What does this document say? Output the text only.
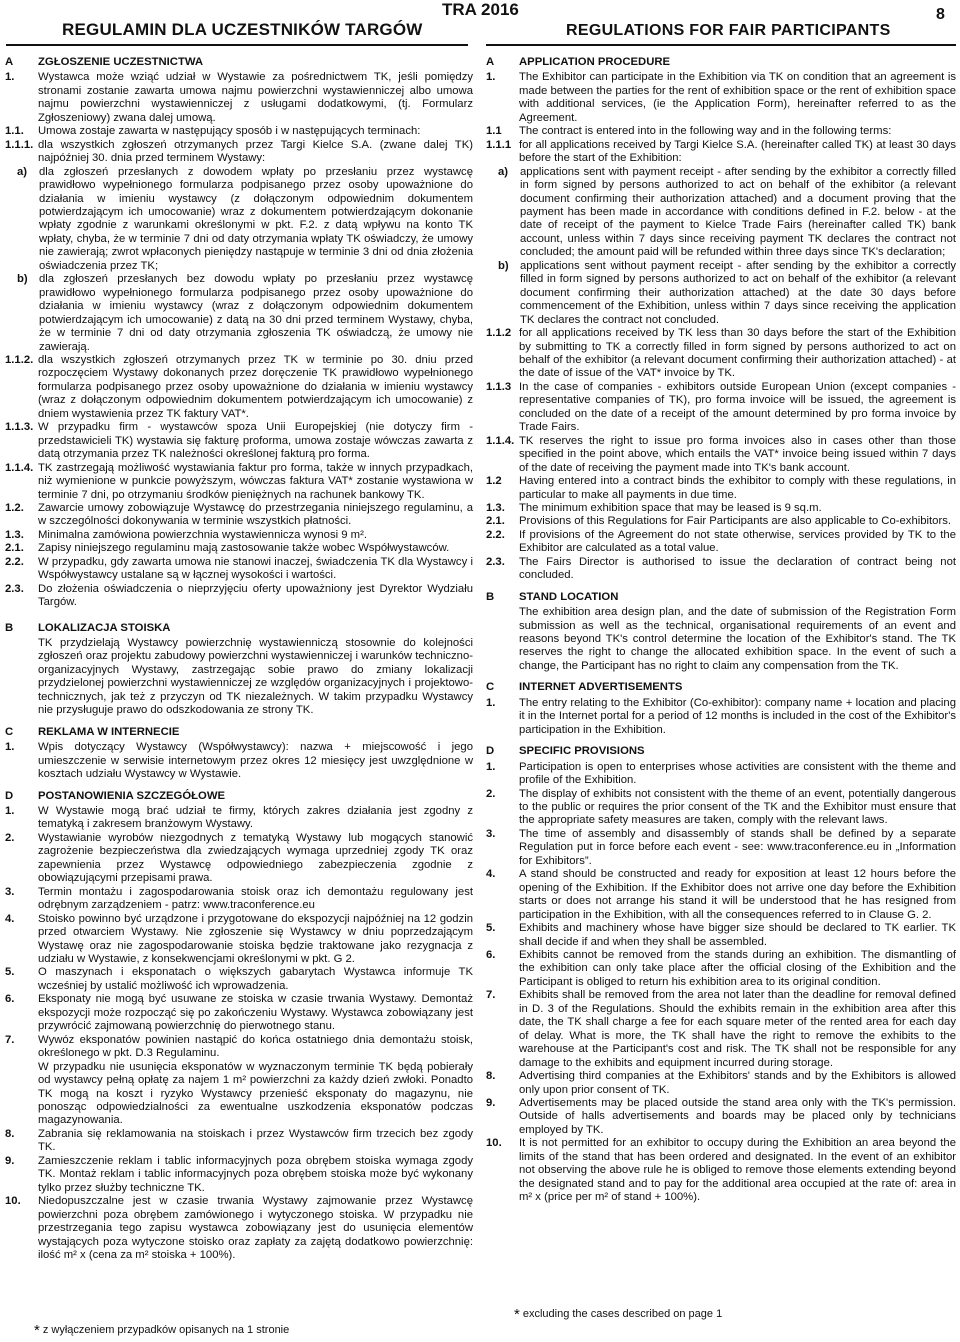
REGULAMIN DLA UCZESTNIKÓW TARGÓW
TRA 2016
REGULATIONS FOR FAIR PARTICIPANTS
8
A ZGŁOSZENIE UCZESTNICTWA
1. Wystawca może wziąć udział w Wystawie za pośrednictwem TK, jeśli pomiędzy stronami zostanie zawarta umowa najmu powierzchni wystawienniczej albo umowa najmu powierzchni wystawienniczej z usługami dodatkowymi, (tj. Formularz Zgłoszeniowy) zwana dalej umową.
1.1. Umowa zostaje zawarta w następujący sposób i w następujących terminach:
1.1.1. dla wszystkich zgłoszeń otrzymanych przez Targi Kielce S.A. (zwane dalej TK) najpóźniej 30. dnia przed terminem Wystawy:
a) dla zgłoszeń przesłanych z dowodem wpłaty po przesłaniu przez wystawcę prawidłowo wypełnionego formularza podpisanego przez osoby upoważnione do działania w imieniu wystawcy (z dołączonym odpowiednim dokumentem potwierdzającym ich umocowanie) wraz z dokumentem potwierdzającym dokonanie wpłaty zgodnie z warunkami określonymi w pkt. F.2. z datą wpływu na konto TK wpłaty, chyba, że w terminie 7 dni od daty otrzymania wpłaty TK oświadczy, że umowy nie zawierają; zwrot wpłaconych pieniędzy nastąpuje w terminie 3 dni od dnia złożenia oświadczenia przez TK;
b) dla zgłoszeń przesłanych bez dowodu wpłaty po przesłaniu przez wystawcę prawidłowo wypełnionego formularza podpisanego przez osoby upoważnione do działania w imieniu wystawcy (wraz z dołączonym odpowiednim dokumentem potwierdzającym ich umocowanie) z datą na 30 dni przed terminem Wystawy, chyba, że w terminie 7 dni od daty otrzymania zgłoszenia TK oświadczą, że umowy nie zawierają.
1.1.2. dla wszystkich zgłoszeń otrzymanych przez TK w terminie po 30. dniu przed rozpoczęciem Wystawy dokonanych przez doręczenie TK prawidłowo wypełnionego formularza podpisanego przez osoby upoważnione do działania w imieniu wystawcy (wraz z dołączonym odpowiednim dokumentem potwierdzającym ich umocowanie) z dniem wystawienia przez TK faktury VAT*.
1.1.3. W przypadku firm - wystawców spoza Unii Europejskiej (nie dotyczy firm - przedstawicieli TK) wystawia się fakturę proforma, umowa zostaje wówczas zawarta z datą otrzymania przez TK należności określonej fakturą pro forma.
1.1.4. TK zastrzegają możliwość wystawiania faktur pro forma, także w innych przypadkach, niż wymienione w punkcie powyższym, wówczas faktura VAT* zostanie wystawiona w terminie 7 dni, po otrzymaniu środków pieniężnych na rachunek bankowy TK.
1.2. Zawarcie umowy zobowiązuje Wystawcę do przestrzegania niniejszego regulaminu, a w szczególności dokonywania w terminie wszystkich płatności.
1.3. Minimalna zamówiona powierzchnia wystawiennicza wynosi 9 m².
2.1. Zapisy niniejszego regulaminu mają zastosowanie także wobec Współwystawców.
2.2. W przypadku, gdy zawarta umowa nie stanowi inaczej, świadczenia TK dla Wystawcy i Współwystawcy ustalane są w łącznej wysokości i wartości.
2.3. Do złożenia oświadczenia o nieprzyjęciu oferty upoważniony jest Dyrektor Wydziału Targów.
B LOKALIZACJA STOISKA
TK przydzielają Wystawcy powierzchnię wystawienniczą stosownie do kolejności zgłoszeń oraz projektu zabudowy powierzchni wystawienniczej i warunków techniczno-organizacyjnych Wystawy, zastrzegając sobie prawo do zmiany lokalizacji przydzielonej powierzchni wystawienniczej ze względów organizacyjnych i projektowo-technicznych, jak też z przyczyn od TK niezależnych. W takim przypadku Wystawcy nie przysługuje prawo do odszkodowania ze strony TK.
C REKLAMA W INTERNECIE
1. Wpis dotyczący Wystawcy (Współwystawcy): nazwa + miejscowość i jego umieszczenie w serwisie internetowym przez okres 12 miesięcy jest uwzględnione w kosztach udziału Wystawcy w Wystawie.
D POSTANOWIENIA SZCZEGÓŁOWE
1. W Wystawie mogą brać udział te firmy, których zakres działania jest zgodny z tematyką i zakresem branżowym Wystawy.
2. Wystawianie wyrobów niezgodnych z tematyką Wystawy lub mogących stanowić zagrożenie bezpieczeństwa dla zwiedzających wymaga uprzedniej zgody TK oraz zapewnienia przez Wystawcę odpowiedniego zabezpieczenia zgodnie z obowiązującymi przepisami prawa.
3. Termin montażu i zagospodarowania stoisk oraz ich demontażu regulowany jest odrębnym zarządzeniem - patrz: www.traconference.eu
4. Stoisko powinno być urządzone i przygotowane do ekspozycji najpóźniej na 12 godzin przed otwarciem Wystawy. Nie zgłoszenie się Wystawcy w dniu poprzedzającym Wystawę oraz nie zagospodarowanie stoiska będzie traktowane jako rezygnacja z udziału w Wystawie, z konsekwencjami określonymi w pkt. G 2.
5. O maszynach i eksponatach o większych gabarytach Wystawca informuje TK wcześniej by ustalić możliwość ich wprowadzenia.
6. Eksponaty nie mogą być usuwane ze stoiska w czasie trwania Wystawy. Demontaż ekspozycji może rozpocząć się po zakończeniu Wystawy. Wystawca zobowiązany jest przywrócić zajmowaną powierzchnię do pierwotnego stanu.
7. Wywóz eksponatów powinien nastąpić do końca ostatniego dnia demontażu stoisk, określonego w pkt. D.3 Regulaminu.
W przypadku nie usunięcia eksponatów w wyznaczonym terminie TK będą pobierały od wystawcy pełną opłatę za najem 1 m² powierzchni za każdy dzień zwłoki. Ponadto TK mogą na koszt i ryzyko Wystawcy przenieść eksponaty do magazynu, nie ponosząc odpowiedzialności za ewentualne uszkodzenia eksponatów podczas magazynowania.
8. Zabrania się reklamowania na stoiskach i przez Wystawców firm trzecich bez zgody TK.
9. Zamieszczenie reklam i tablic informacyjnych poza obrębem stoiska wymaga zgody TK. Montaż reklam i tablic informacyjnych poza obrębem stoiska może być wykonany tylko przez służby techniczne TK.
10. Niedopuszczalne jest w czasie trwania Wystawy zajmowanie przez Wystawcę powierzchni poza obrębem zamówionego i wytyczonego stoiska. W przypadku nie przestrzegania tego zapisu wystawca zobowiązany jest do usunięcia elementów wystających poza wytyczone stoisko oraz zapłaty za zajętą dodatkowo powierzchnię: ilość m² x (cena za m² stoiska + 100%).
* z wyłączeniem przypadków opisanych na 1 stronie
A APPLICATION PROCEDURE
1. The Exhibitor can participate in the Exhibition via TK on condition that an agreement is made between the parties for the rent of exhibition space or the rent of exhibition space with additional services, (ie the Application Form), hereinafter referred to as the Agreement.
1.1 The contract is entered into in the following way and in the following terms:
1.1.1 for all applications received by Targi Kielce S.A. (hereinafter called TK) at least 30 days before the start of the Exhibition:
a) applications sent with payment receipt - after sending by the exhibitor a correctly filled in form signed by persons authorized to act on behalf of the exhibitor (a relevant document confirming their authorization attached) and a document proving that the payment has been made in accordance with conditions defined in F.2. below - at the date of receipt of the payment to Kielce Trade Fairs (hereinafter called TK) bank account, unless within 7 days since receiving payment TK declares the contract not concluded; the amount paid will be refunded within three days since TK's declaration;
b) applications sent without payment receipt - after sending by the exhibitor a correctly filled in form signed by persons authorized to act on behalf of the exhibitor (a relevant document confirming their authorization attached) at the date 30 days before commencement of the Exhibition, unless within 7 days since receiving the application TK declares the contract not concluded.
1.1.2 for all applications received by TK less than 30 days before the start of the Exhibition by submitting to TK a correctly filled in form signed by persons authorized to act on behalf of the exhibitor (a relevant document confirming their authorization attached) - at the date of issue of the VAT* invoice by TK.
1.1.3 In the case of companies - exhibitors outside European Union (except companies - representative companies of TK), pro forma invoice will be issued, the agreement is concluded on the date of a receipt of the amount determined by pro forma invoice by Trade Fairs.
1.1.4. TK reserves the right to issue pro forma invoices also in cases other than those specified in the point above, which entails the VAT* invoice being issued within 7 days of the date of receiving the payment made into TK's bank account.
1.2 Having entered into a contract binds the exhibitor to comply with these regulations, in particular to make all payments in due time.
1.3. The minimum exhibition space that may be leased is 9 sq.m.
2.1. Provisions of this Regulations for Fair Participants are also applicable to Co-exhibitors.
2.2. If provisions of the Agreement do not state otherwise, services provided by TK to the Exhibitor are calculated as a total value.
2.3. The Fairs Director is authorised to issue the declaration of contract being not concluded.
B STAND LOCATION
The exhibition area design plan, and the date of submission of the Registration Form submission as well as the technical, organisational requirements of an event and reasons beyond TK's control determine the location of the Exhibitor's stand. The TK reserves the right to change the allocated exhibition space. In the event of such a change, the Participant has no right to claim any compensation from the TK.
C INTERNET ADVERTISEMENTS
1. The entry relating to the Exhibitor (Co-exhibitor): company name + location and placing it in the Internet portal for a period of 12 months is included in the cost of the Exhibitor's participation in the Exhibition.
D SPECIFIC PROVISIONS
1. Participation is open to enterprises whose activities are consistent with the theme and profile of the Exhibition.
2. The display of exhibits not consistent with the theme of an event, potentially dangerous to the public or requires the prior consent of the TK and the Exhibitor must ensure that the appropriate safety measures are taken, comply with the relevant laws.
3. The time of assembly and disassembly of stands shall be defined by a separate Regulation put in force before each event - see: www.traconference.eu in „Information for Exhibitors”.
4. A stand should be constructed and ready for exposition at least 12 hours before the opening of the Exhibition. If the Exhibitor does not arrive one day before the Exhibition starts or does not arrange his stand it will be understood that he has resigned from participation in the Exhibition, with all the consequences referred to in Clause G. 2.
5. Exhibits and machinery whose have bigger size should be declared to TK earlier. TK shall decide if and when they shall be assembled.
6. Exhibits cannot be removed from the stands during an exhibition. The dismantling of the exhibition can only take place after the official closing of the Exhibition and the Participant is obliged to return his exhibition area to its original condition.
7. Exhibits shall be removed from the area not later than the deadline for removal defined in D. 3 of the Regulations. Should the exhibits remain in the exhibition area after this date, the TK shall charge a fee for each square meter of the rented area for each day of delay. What is more, the TK shall have the right to remove the exhibits to the warehouse at the Participant's cost and risk. The TK shall not be responsible for any damage to the exhibits and equipment incurred during storage.
8. Advertising third companies at the Exhibitors' stands and by the Exhibitors is allowed only upon prior consent of TK.
9. Advertisements may be placed outside the stand area only with the TK's permission. Outside of halls advertisements and boards may be placed only by technicians employed by TK.
10. It is not permitted for an exhibitor to occupy during the Exhibition an area beyond the limits of the stand that has been ordered and designated. In the event of an exhibitor not observing the above rule he is obliged to remove those elements extending beyond the designated stand and to pay for the additional area occupied at the rate of: area in m² x (price per m² of stand + 100%).
* excluding the cases described on page 1
